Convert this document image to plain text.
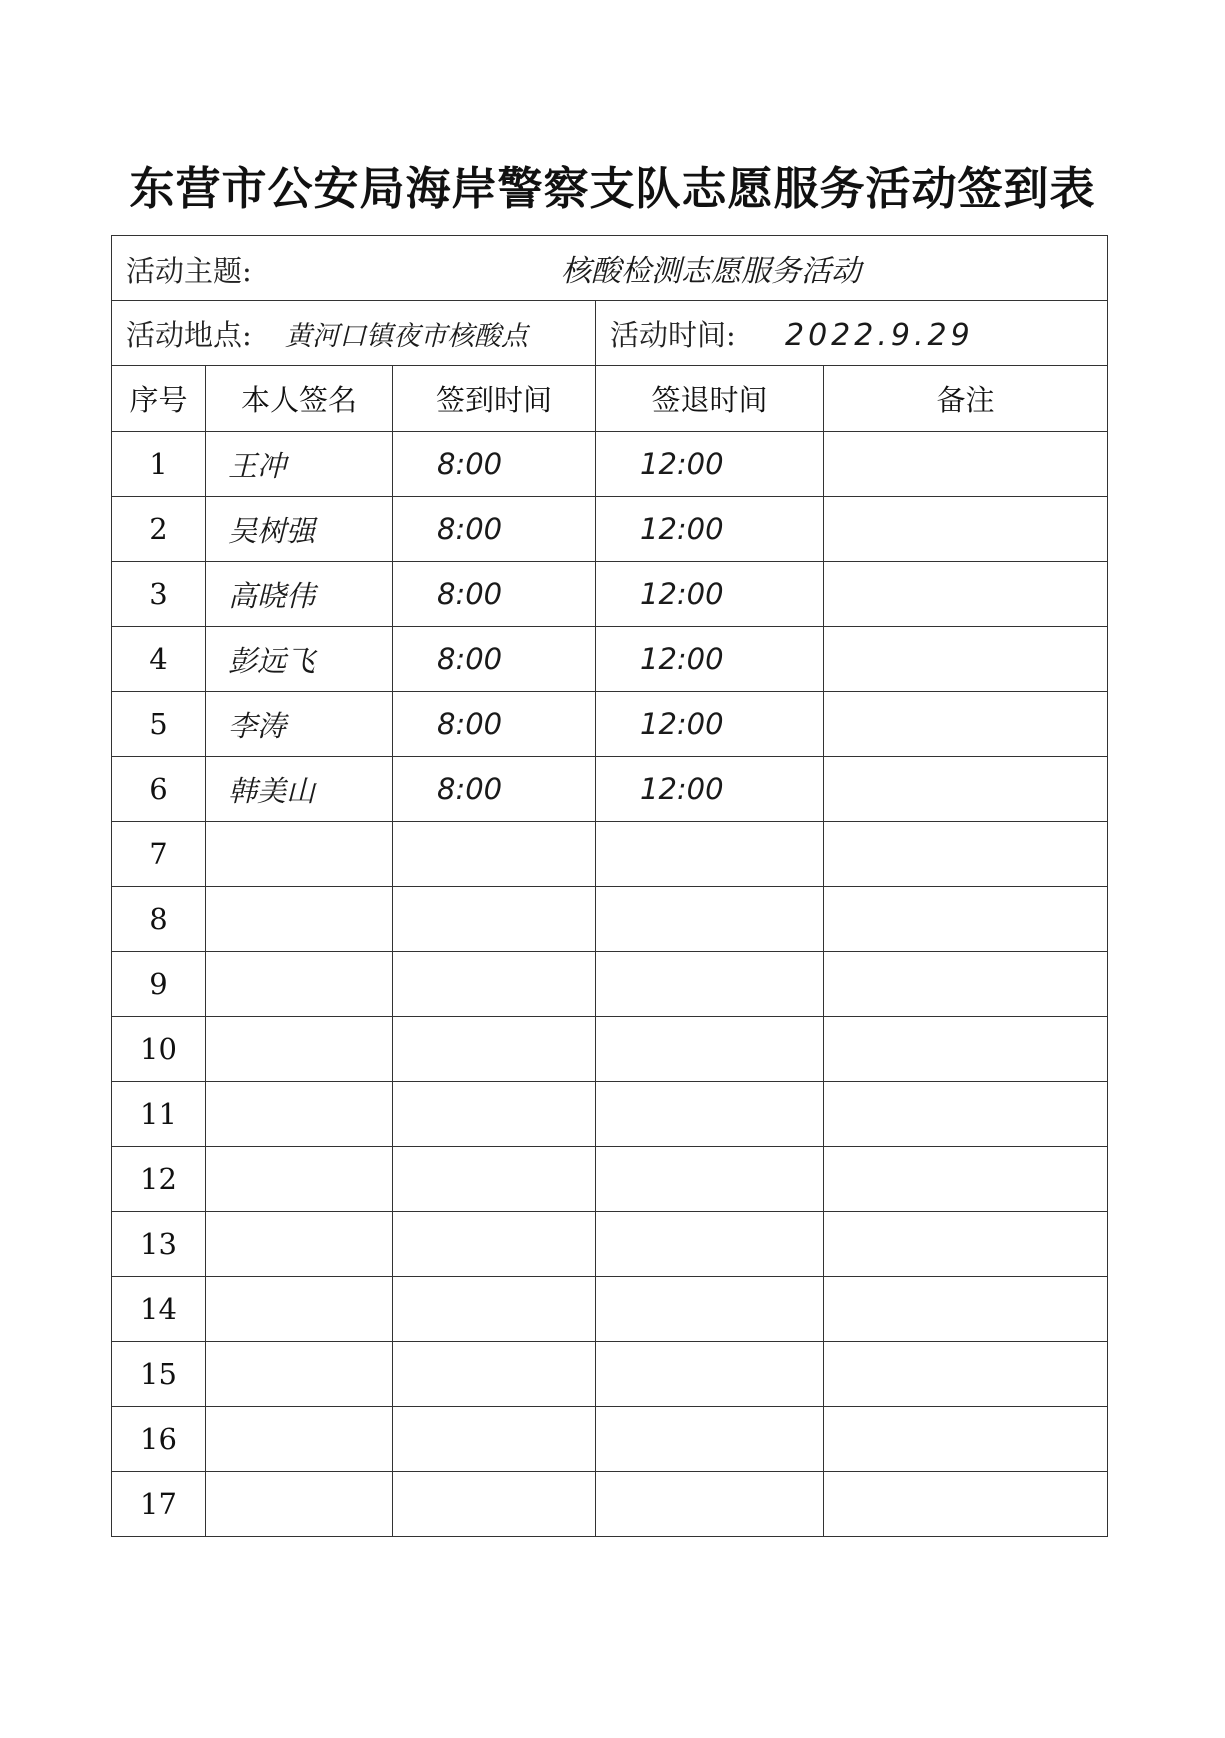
东营市公安局海岸警察支队志愿服务活动签到表
活动主题: 核酸检测志愿服务活动				
活动地点: 黄河口镇夜市核酸点			活动时间: 2022.9.29	
序号	本人签名	签到时间	签退时间	备注
1	王冲	8:00	12:00	
2	吴树强	8:00	12:00	
3	高晓伟	8:00	12:00	
4	彭远飞	8:00	12:00	
5	李涛	8:00	12:00	
6	韩美山	8:00	12:00	
7				
8				
9				
10				
11				
12				
13				
14				
15				
16				
17				
